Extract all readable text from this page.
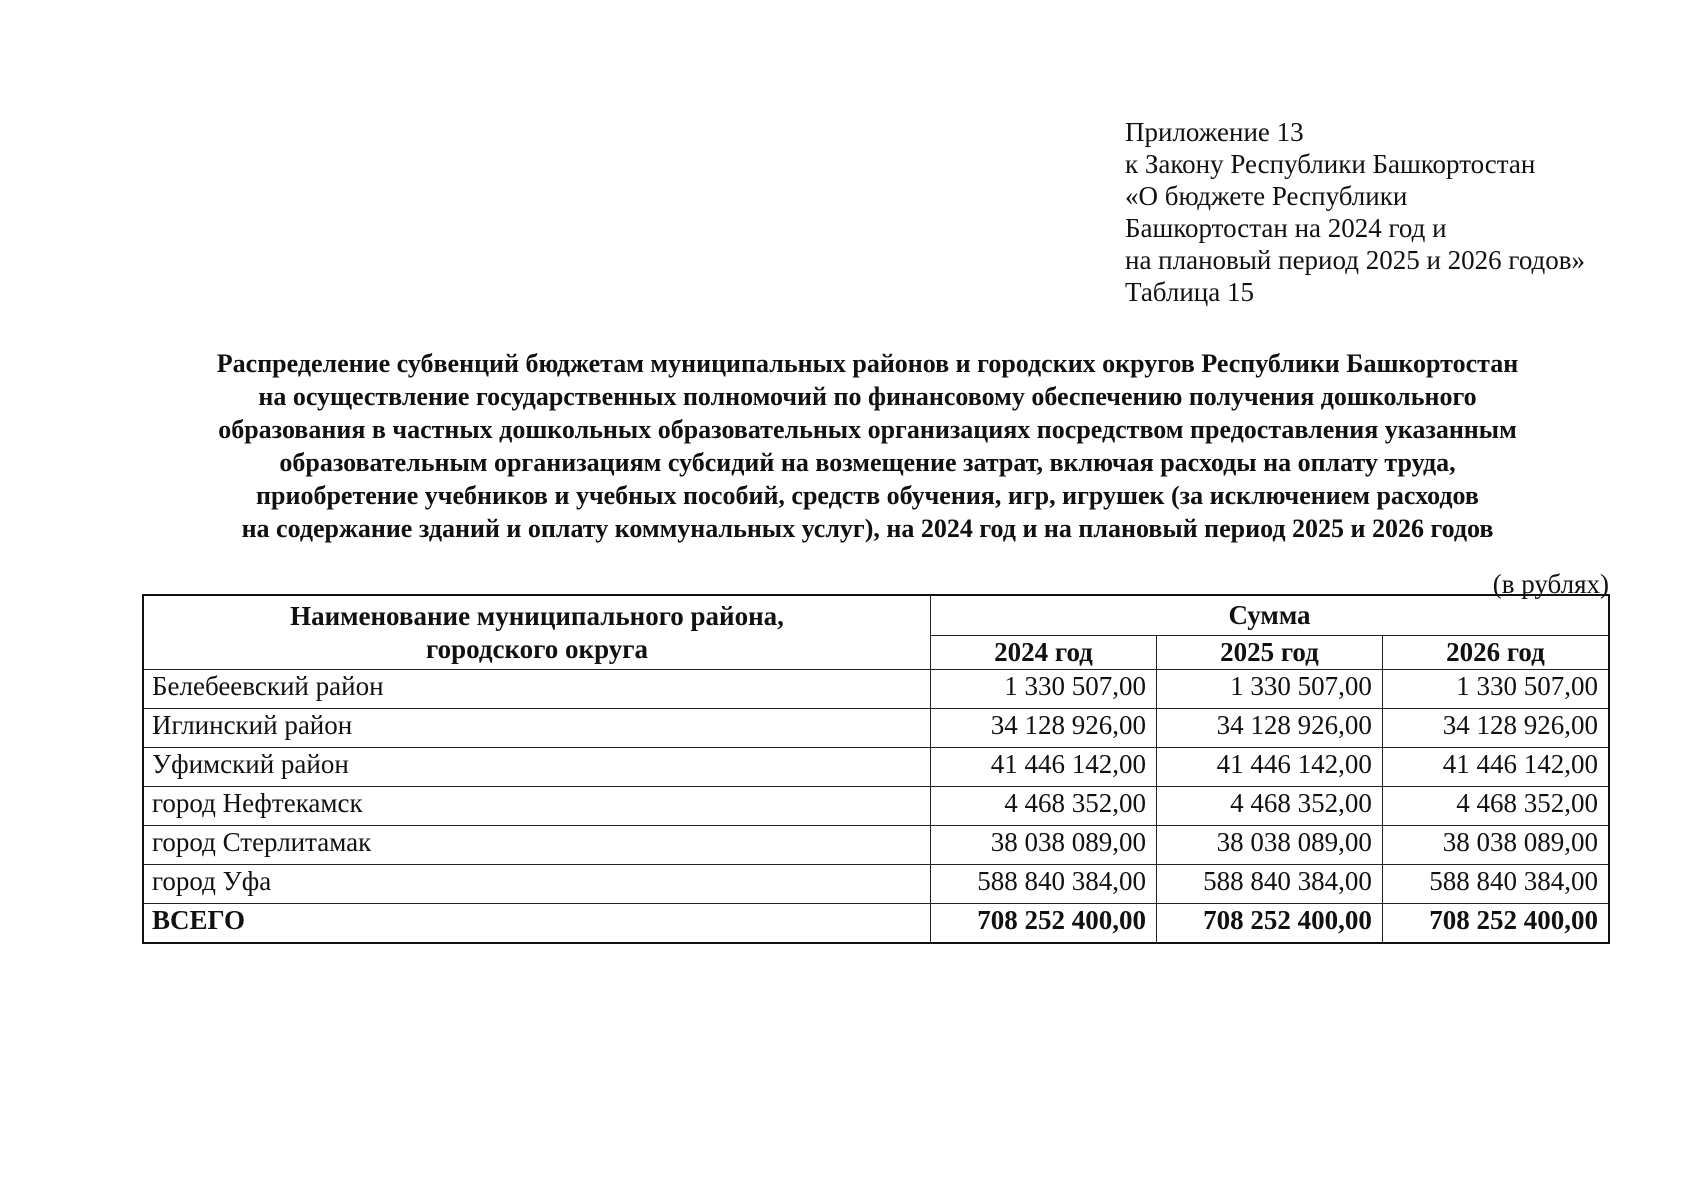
Приложение 13
к Закону Республики Башкортостан
«О бюджете Республики
Башкортостан на 2024 год и
на плановый период 2025 и 2026 годов»
Таблица 15
Распределение субвенций бюджетам муниципальных районов и городских округов Республики Башкортостан
на осуществление государственных полномочий по финансовому обеспечению получения дошкольного
образования в частных дошкольных образовательных организациях посредством предоставления указанным
образовательным организациям субсидий на возмещение затрат, включая расходы на оплату труда,
приобретение учебников и учебных пособий, средств обучения, игр, игрушек (за исключением расходов
на содержание зданий и оплату коммунальных услуг), на 2024 год и на плановый период 2025 и 2026 годов
(в рублях)
Наименование муниципального района,
городского округа	Сумма		
	2024 год	2025 год	2026 год
Белебеевский район	1 330 507,00	1 330 507,00	1 330 507,00
Иглинский район	34 128 926,00	34 128 926,00	34 128 926,00
Уфимский район	41 446 142,00	41 446 142,00	41 446 142,00
город Нефтекамск	4 468 352,00	4 468 352,00	4 468 352,00
город Стерлитамак	38 038 089,00	38 038 089,00	38 038 089,00
город Уфа	588 840 384,00	588 840 384,00	588 840 384,00
ВСЕГО	708 252 400,00	708 252 400,00	708 252 400,00
